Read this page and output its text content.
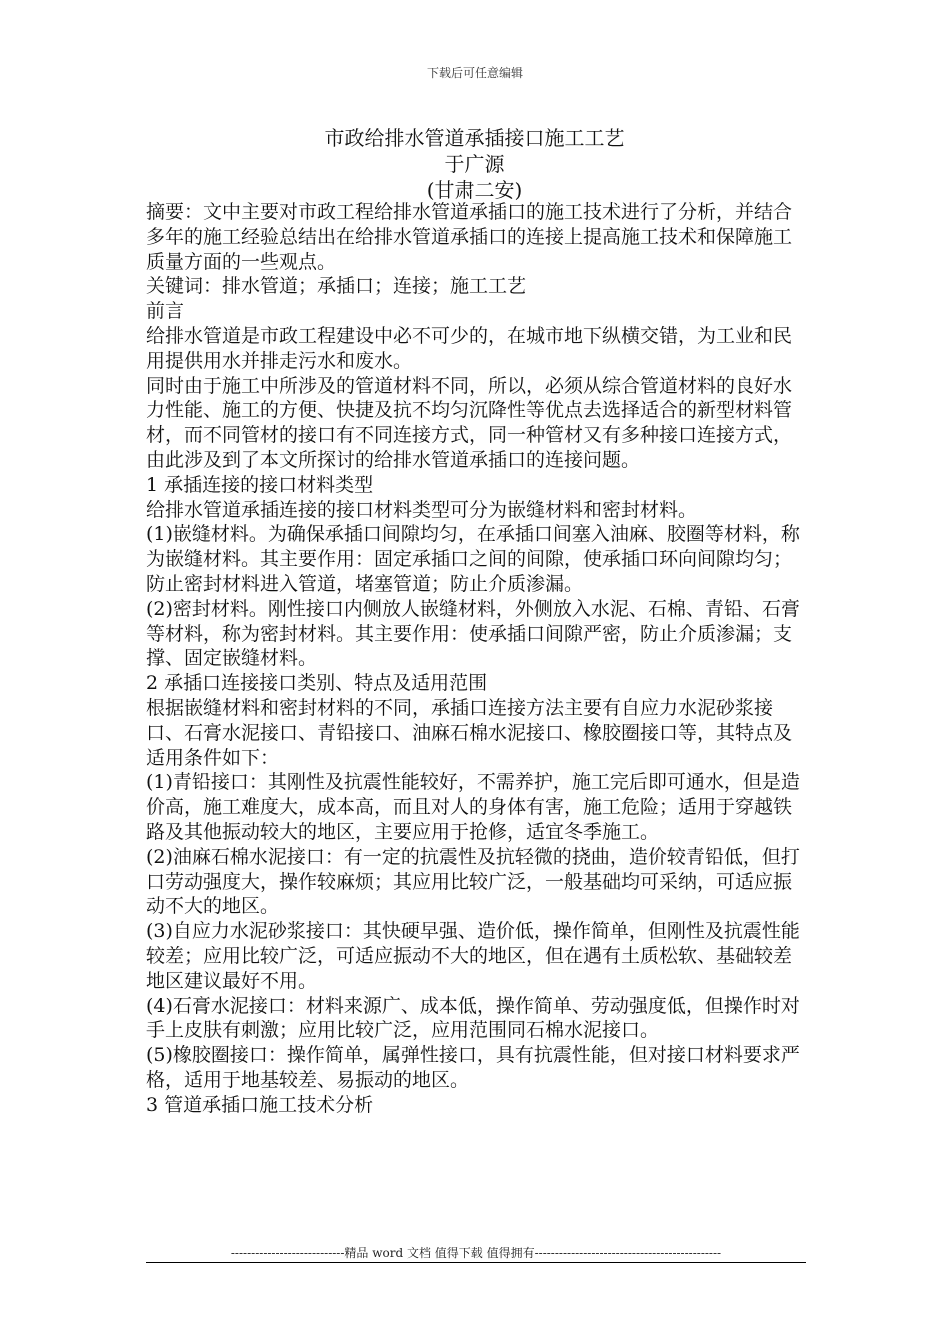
下载后可任意编辑
市政给排水管道承插接口施工工艺
于广源
(甘肃二安)

摘要：文中主要对市政工程给排水管道承插口的施工技术进行了分析，并结合多年的施工经验总结出在给排水管道承插口的连接上提高施工技术和保障施工质量方面的一些观点。

关键词：排水管道；承插口；连接；施工工艺

前言

给排水管道是市政工程建设中必不可少的，在城市地下纵横交错，为工业和民用提供用水并排走污水和废水。

同时由于施工中所涉及的管道材料不同，所以，必须从综合管道材料的良好水力性能、施工的方便、快捷及抗不均匀沉降性等优点去选择适合的新型材料管材，而不同管材的接口有不同连接方式，同一种管材又有多种接口连接方式，由此涉及到了本文所探讨的给排水管道承插口的连接问题。

1 承插连接的接口材料类型

给排水管道承插连接的接口材料类型可分为嵌缝材料和密封材料。

(1)嵌缝材料。为确保承插口间隙均匀，在承插口间塞入油麻、胶圈等材料，称为嵌缝材料。其主要作用：固定承插口之间的间隙，使承插口环向间隙均匀；防止密封材料进入管道，堵塞管道；防止介质渗漏。

(2)密封材料。刚性接口内侧放人嵌缝材料，外侧放入水泥、石棉、青铅、石膏等材料，称为密封材料。其主要作用：使承插口间隙严密，防止介质渗漏；支撑、固定嵌缝材料。

2 承插口连接接口类别、特点及适用范围

根据嵌缝材料和密封材料的不同，承插口连接方法主要有自应力水泥砂浆接口、石膏水泥接口、青铅接口、油麻石棉水泥接口、橡胶圈接口等，其特点及适用条件如下：

(1)青铅接口：其刚性及抗震性能较好，不需养护，施工完后即可通水，但是造价高，施工难度大，成本高，而且对人的身体有害，施工危险；适用于穿越铁路及其他振动较大的地区，主要应用于抢修，适宜冬季施工。

(2)油麻石棉水泥接口：有一定的抗震性及抗轻微的挠曲，造价较青铅低，但打口劳动强度大，操作较麻烦；其应用比较广泛，一般基础均可采纳，可适应振动不大的地区。

(3)自应力水泥砂浆接口：其快硬早强、造价低，操作简单，但刚性及抗震性能较差；应用比较广泛，可适应振动不大的地区，但在遇有土质松软、基础较差地区建议最好不用。

(4)石膏水泥接口：材料来源广、成本低，操作简单、劳动强度低，但操作时对手上皮肤有刺激；应用比较广泛，应用范围同石棉水泥接口。

(5)橡胶圈接口：操作简单，属弹性接口，具有抗震性能，但对接口材料要求严格，适用于地基较差、易振动的地区。

3 管道承插口施工技术分析

----------------------------精品 word 文档 值得下载 值得拥有----------------------------------------------
